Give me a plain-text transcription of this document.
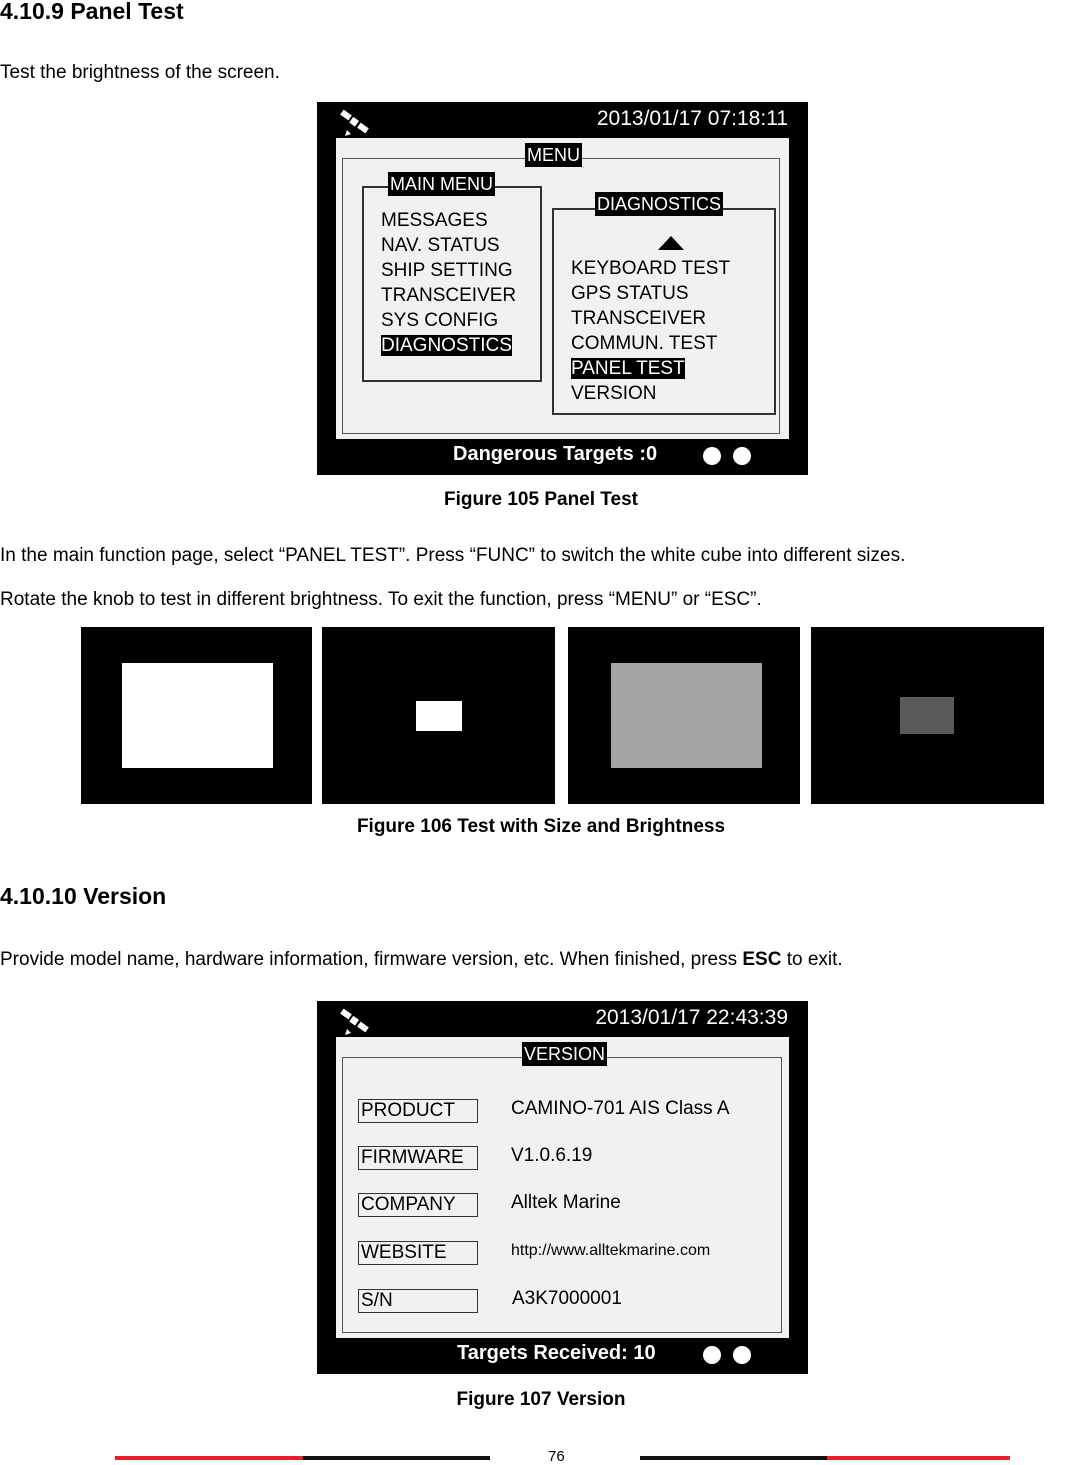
4.10.9 Panel Test
Test the brightness of the screen.
2013/01/17 07:18:11
MENU
MESSAGES
NAV. STATUS
SHIP SETTING
TRANSCEIVER
SYS CONFIG
DIAGNOSTICS
MAIN MENU
KEYBOARD TEST
GPS STATUS
TRANSCEIVER
COMMUN. TEST
PANEL TEST
VERSION
DIAGNOSTICS
Dangerous Targets :0
Figure 105 Panel Test
In the main function page, select “PANEL TEST”. Press “FUNC” to switch the white cube into different sizes.
Rotate the knob to test in different brightness. To exit the function, press “MENU” or “ESC”.
Figure 106 Test with Size and Brightness
4.10.10 Version
Provide model name, hardware information, firmware version, etc. When finished, press ESC to exit.
2013/01/17 22:43:39
VERSION
PRODUCT	CAMINO-701 AIS Class A
FIRMWARE	V1.0.6.19
COMPANY	Alltek Marine
WEBSITE	http://www.alltekmarine.com
S/N	A3K7000001
Targets Received: 10
Figure 107 Version
76
